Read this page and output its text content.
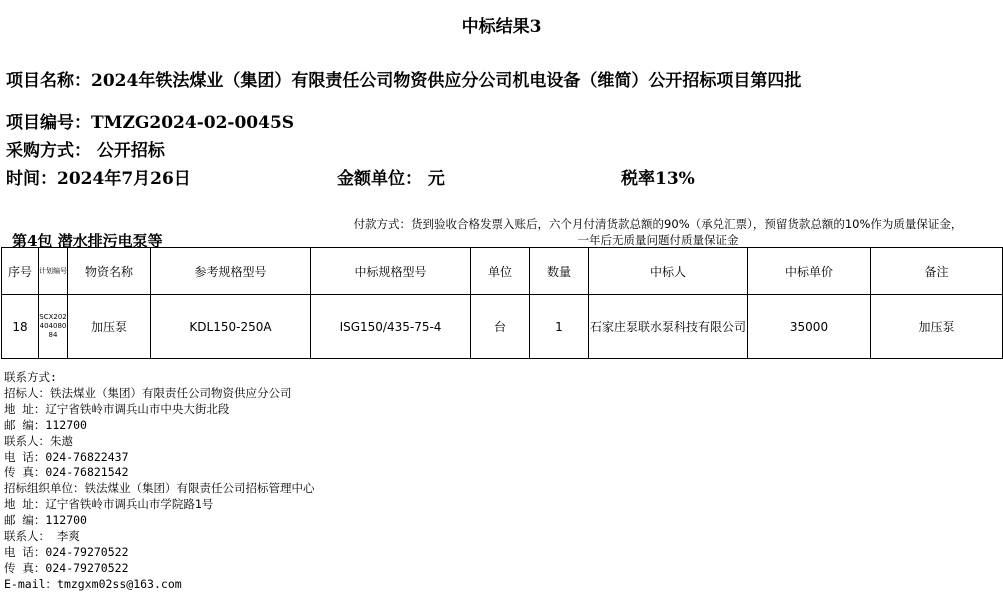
中标结果3
项目名称：2024年铁法煤业（集团）有限责任公司物资供应分公司机电设备（维简）公开招标项目第四批
项目编号：TMZG2024-02-0045S
采购方式： 公开招标
时间：2024年7月26日	金额单位： 元	税率13%
付款方式：货到验收合格发票入账后，六个月付清货款总额的90%（承兑汇票），预留货款总额的10%作为质量保证金，
一年后无质量问题付质量保证金
第4包 潜水排污电泵等
序号	计划编号	物资名称	参考规格型号	中标规格型号	单位	数量	中标人	中标单价	备注
18	SCX202404080 84	加压泵	KDL150-250A	ISG150/435-75-4	台	1	石家庄泵联水泵科技有限公司	35000	加压泵
联系方式:
招标人：铁法煤业（集团）有限责任公司物资供应分公司
地 址：辽宁省铁岭市调兵山市中央大街北段
邮 编：112700
联系人：朱遨
电 话：024-76822437
传 真：024-76821542
招标组织单位：铁法煤业（集团）有限责任公司招标管理中心
地 址：辽宁省铁岭市调兵山市学院路1号
邮 编：112700
联系人： 李爽
电 话：024-79270522
传 真：024-79270522
E-mail：tmzgxm02ss@163.com
